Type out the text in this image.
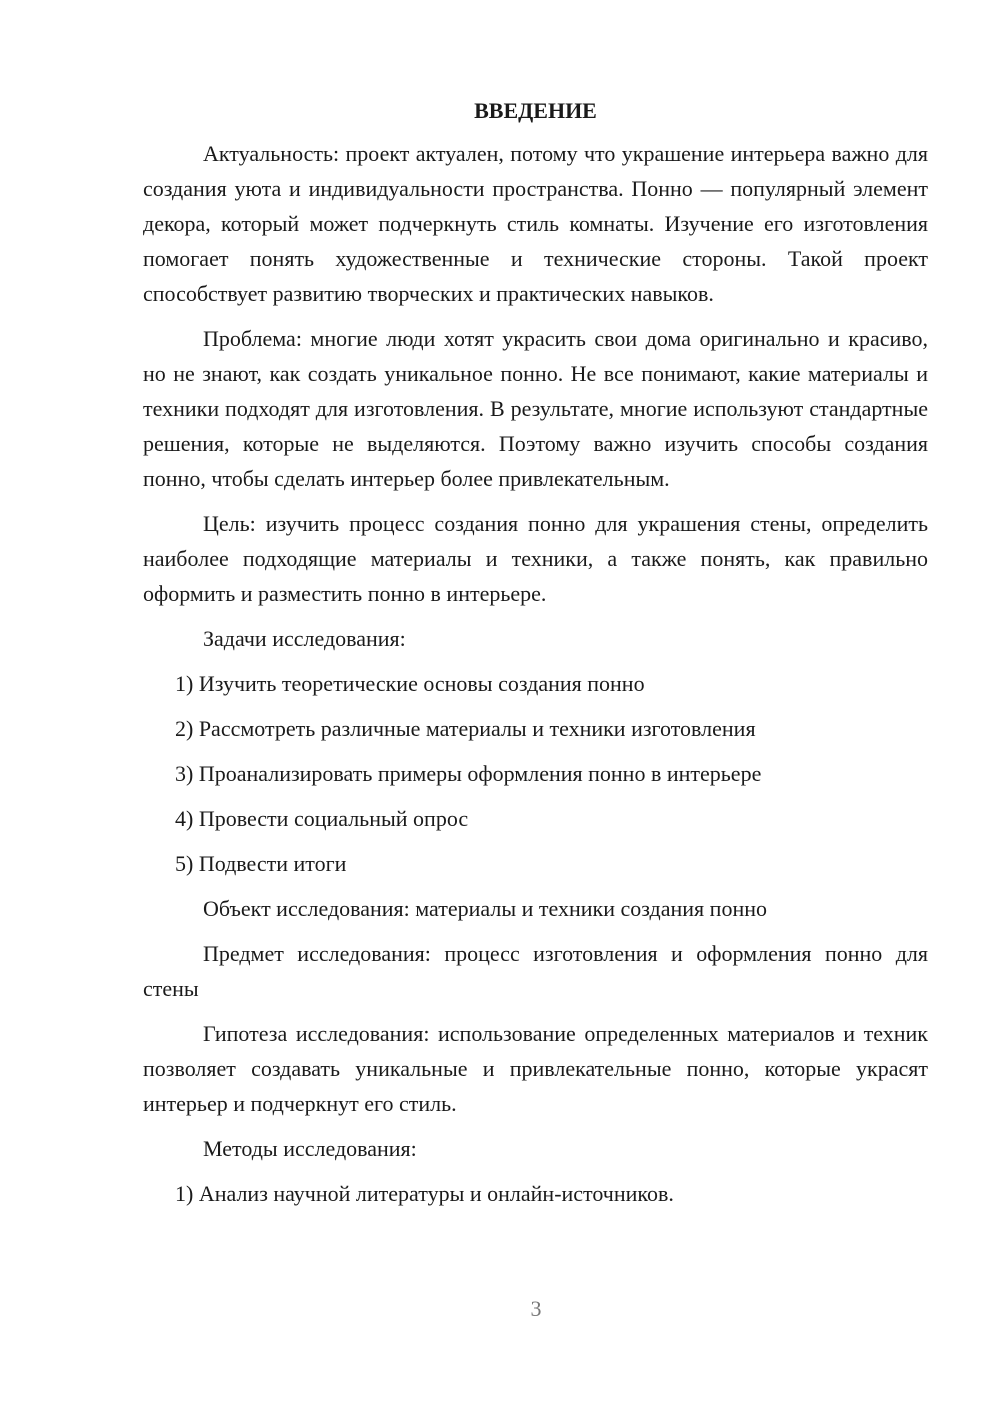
ВВЕДЕНИЕ

Актуальность: проект актуален, потому что украшение интерьера важно для создания уюта и индивидуальности пространства. Понно — популярный элемент декора, который может подчеркнуть стиль комнаты. Изучение его изготовления помогает понять художественные и технические стороны. Такой проект способствует развитию творческих и практических навыков.

Проблема: многие люди хотят украсить свои дома оригинально и красиво, но не знают, как создать уникальное понно. Не все понимают, какие материалы и техники подходят для изготовления. В результате, многие используют стандартные решения, которые не выделяются. Поэтому важно изучить способы создания понно, чтобы сделать интерьер более привлекательным.

Цель: изучить процесс создания понно для украшения стены, определить наиболее подходящие материалы и техники, а также понять, как правильно оформить и разместить понно в интерьере.

Задачи исследования:
1) Изучить теоретические основы создания понно
2) Рассмотреть различные материалы и техники изготовления
3) Проанализировать примеры оформления понно в интерьере
4) Провести социальный опрос
5) Подвести итоги
Объект исследования: материалы и техники создания понно

Предмет исследования: процесс изготовления и оформления понно для стены

Гипотеза исследования: использование определенных материалов и техник позволяет создавать уникальные и привлекательные понно, которые украсят интерьер и подчеркнут его стиль.

Методы исследования:
1) Анализ научной литературы и онлайн-источников.
3
